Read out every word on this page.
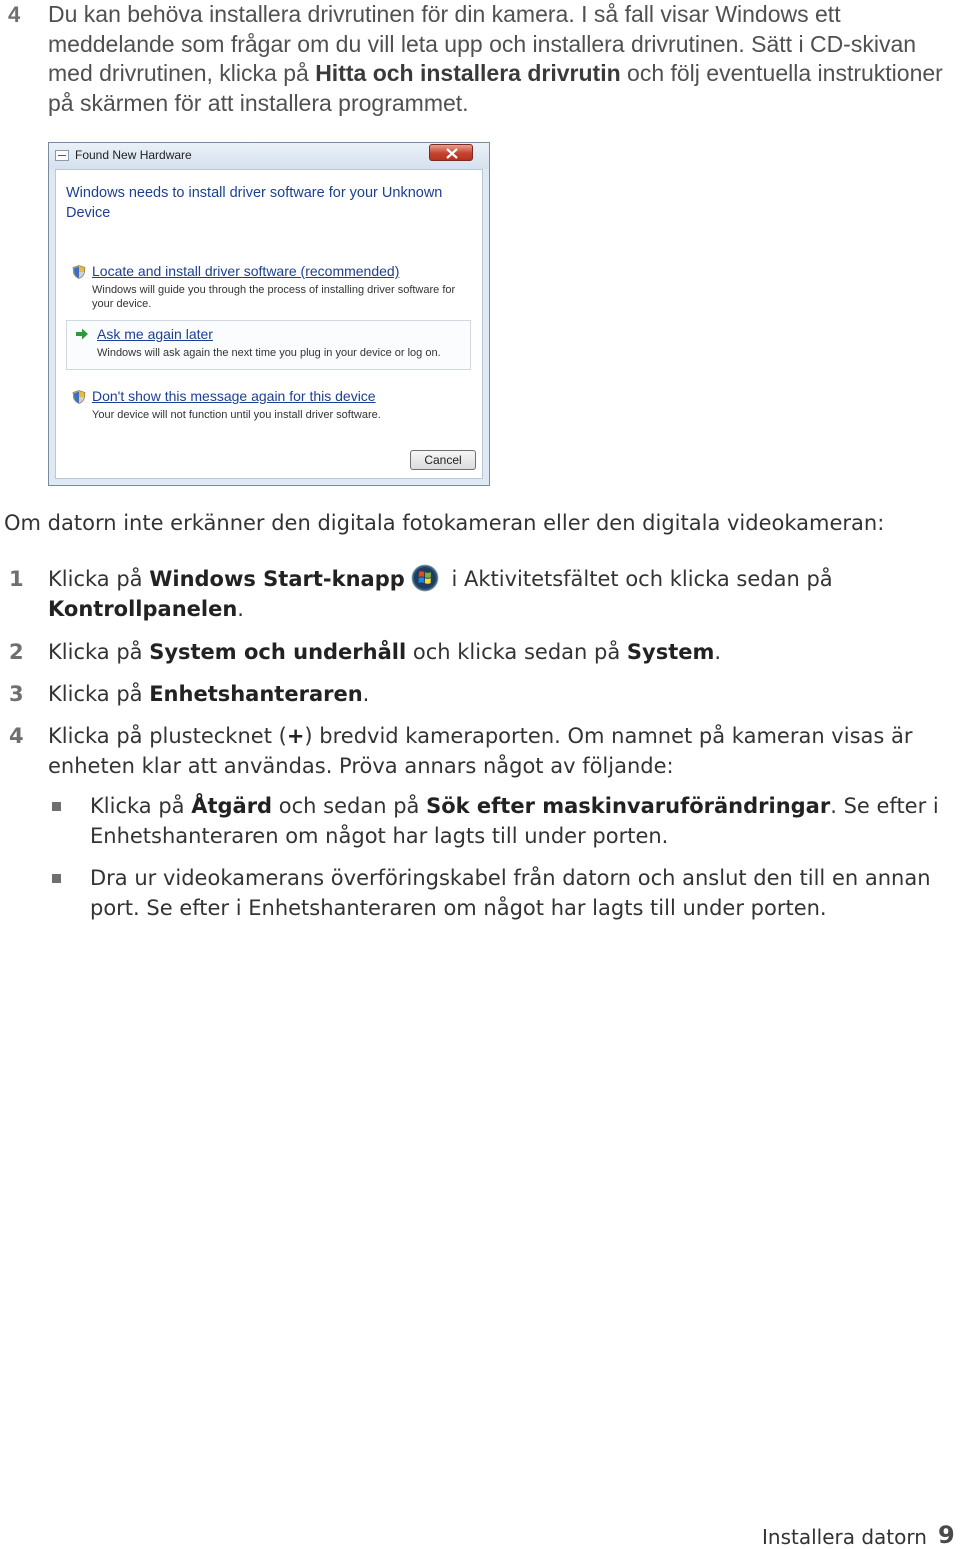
4 Du kan behöva installera drivrutinen för din kamera. I så fall visar Windows ett meddelande som frågar om du vill leta upp och installera drivrutinen. Sätt i CD-skivan med drivrutinen, klicka på Hitta och installera drivrutin och följ eventuella instruktioner på skärmen för att installera programmet.
Found New Hardware
Windows needs to install driver software for your Unknown Device
Locate and install driver software (recommended)
Windows will guide you through the process of installing driver software for your device.
Ask me again later
Windows will ask again the next time you plug in your device or log on.
Don't show this message again for this device
Your device will not function until you install driver software.
Cancel
Om datorn inte erkänner den digitala fotokameran eller den digitala videokameran:
1 Klicka på Windows Start-knapp i Aktivitetsfältet och klicka sedan på Kontrollpanelen.
2 Klicka på System och underhåll och klicka sedan på System.
3 Klicka på Enhetshanteraren.
4 Klicka på plustecknet (+) bredvid kameraporten. Om namnet på kameran visas är enheten klar att användas. Pröva annars något av följande:
Klicka på Åtgärd och sedan på Sök efter maskinvaruförändringar. Se efter i Enhetshanteraren om något har lagts till under porten.
Dra ur videokamerans överföringskabel från datorn och anslut den till en annan port. Se efter i Enhetshanteraren om något har lagts till under porten.
Installera datorn 9
